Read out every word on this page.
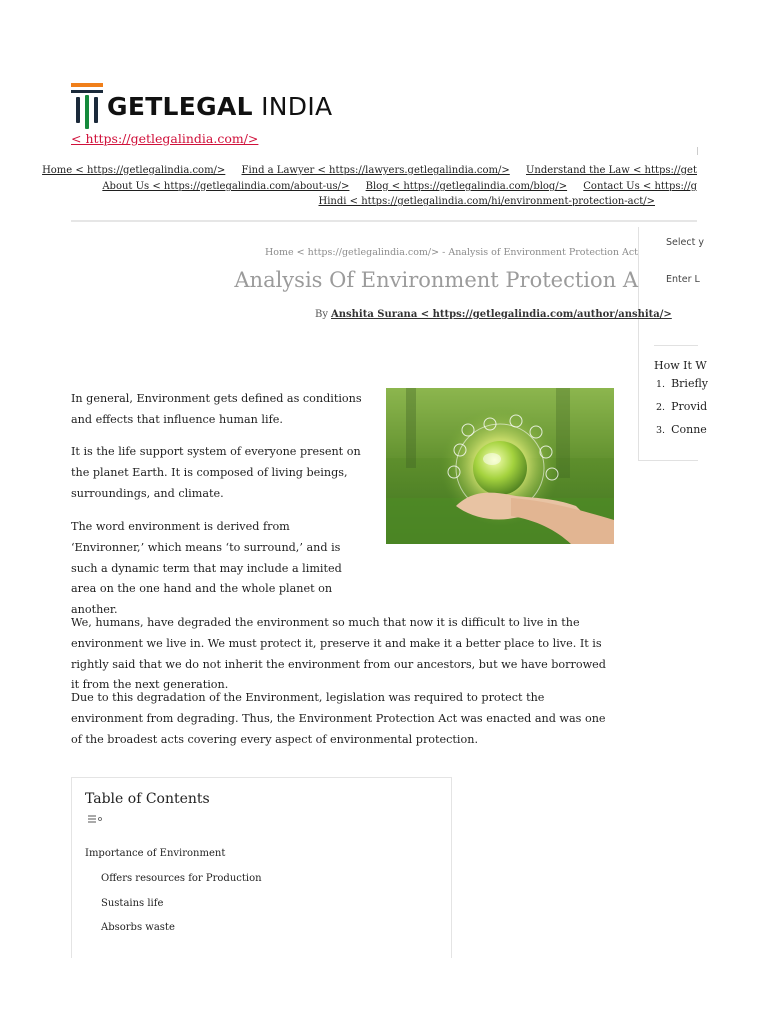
GETLEGAL INDIA
< https://getlegalindia.com/>
Home < https://getlegalindia.com/> Find a Lawyer < https://lawyers.getlegalindia.com/> Understand the Law < https://get
About Us < https://getlegalindia.com/about-us/> Blog < https://getlegalindia.com/blog/> Contact Us < https://g
Hindi < https://getlegalindia.com/hi/environment-protection-act/>
Select y
Enter L
How It W
1. Briefly
2. Provid
3. Conne
Home < https://getlegalindia.com/> - Analysis of Environment Protection Act
Analysis Of Environment Protection A
By Anshita Surana < https://getlegalindia.com/author/anshita/>

In general, Environment gets defined as conditions and effects that influence human life.

It is the life support system of everyone present on the planet Earth. It is composed of living beings, surroundings, and climate.

The word environment is derived from ‘Environner,’ which means ‘to surround,’ and is such a dynamic term that may include a limited area on the one hand and the whole planet on another.

We, humans, have degraded the environment so much that now it is difficult to live in the environment we live in. We must protect it, preserve it and make it a better place to live. It is rightly said that we do not inherit the environment from our ancestors, but we have borrowed it from the next generation.

Due to this degradation of the Environment, legislation was required to protect the environment from degrading. Thus, the Environment Protection Act was enacted and was one of the broadest acts covering every aspect of environmental protection.

Table of Contents
Importance of Environment
Offers resources for Production
Sustains life
Absorbs waste
